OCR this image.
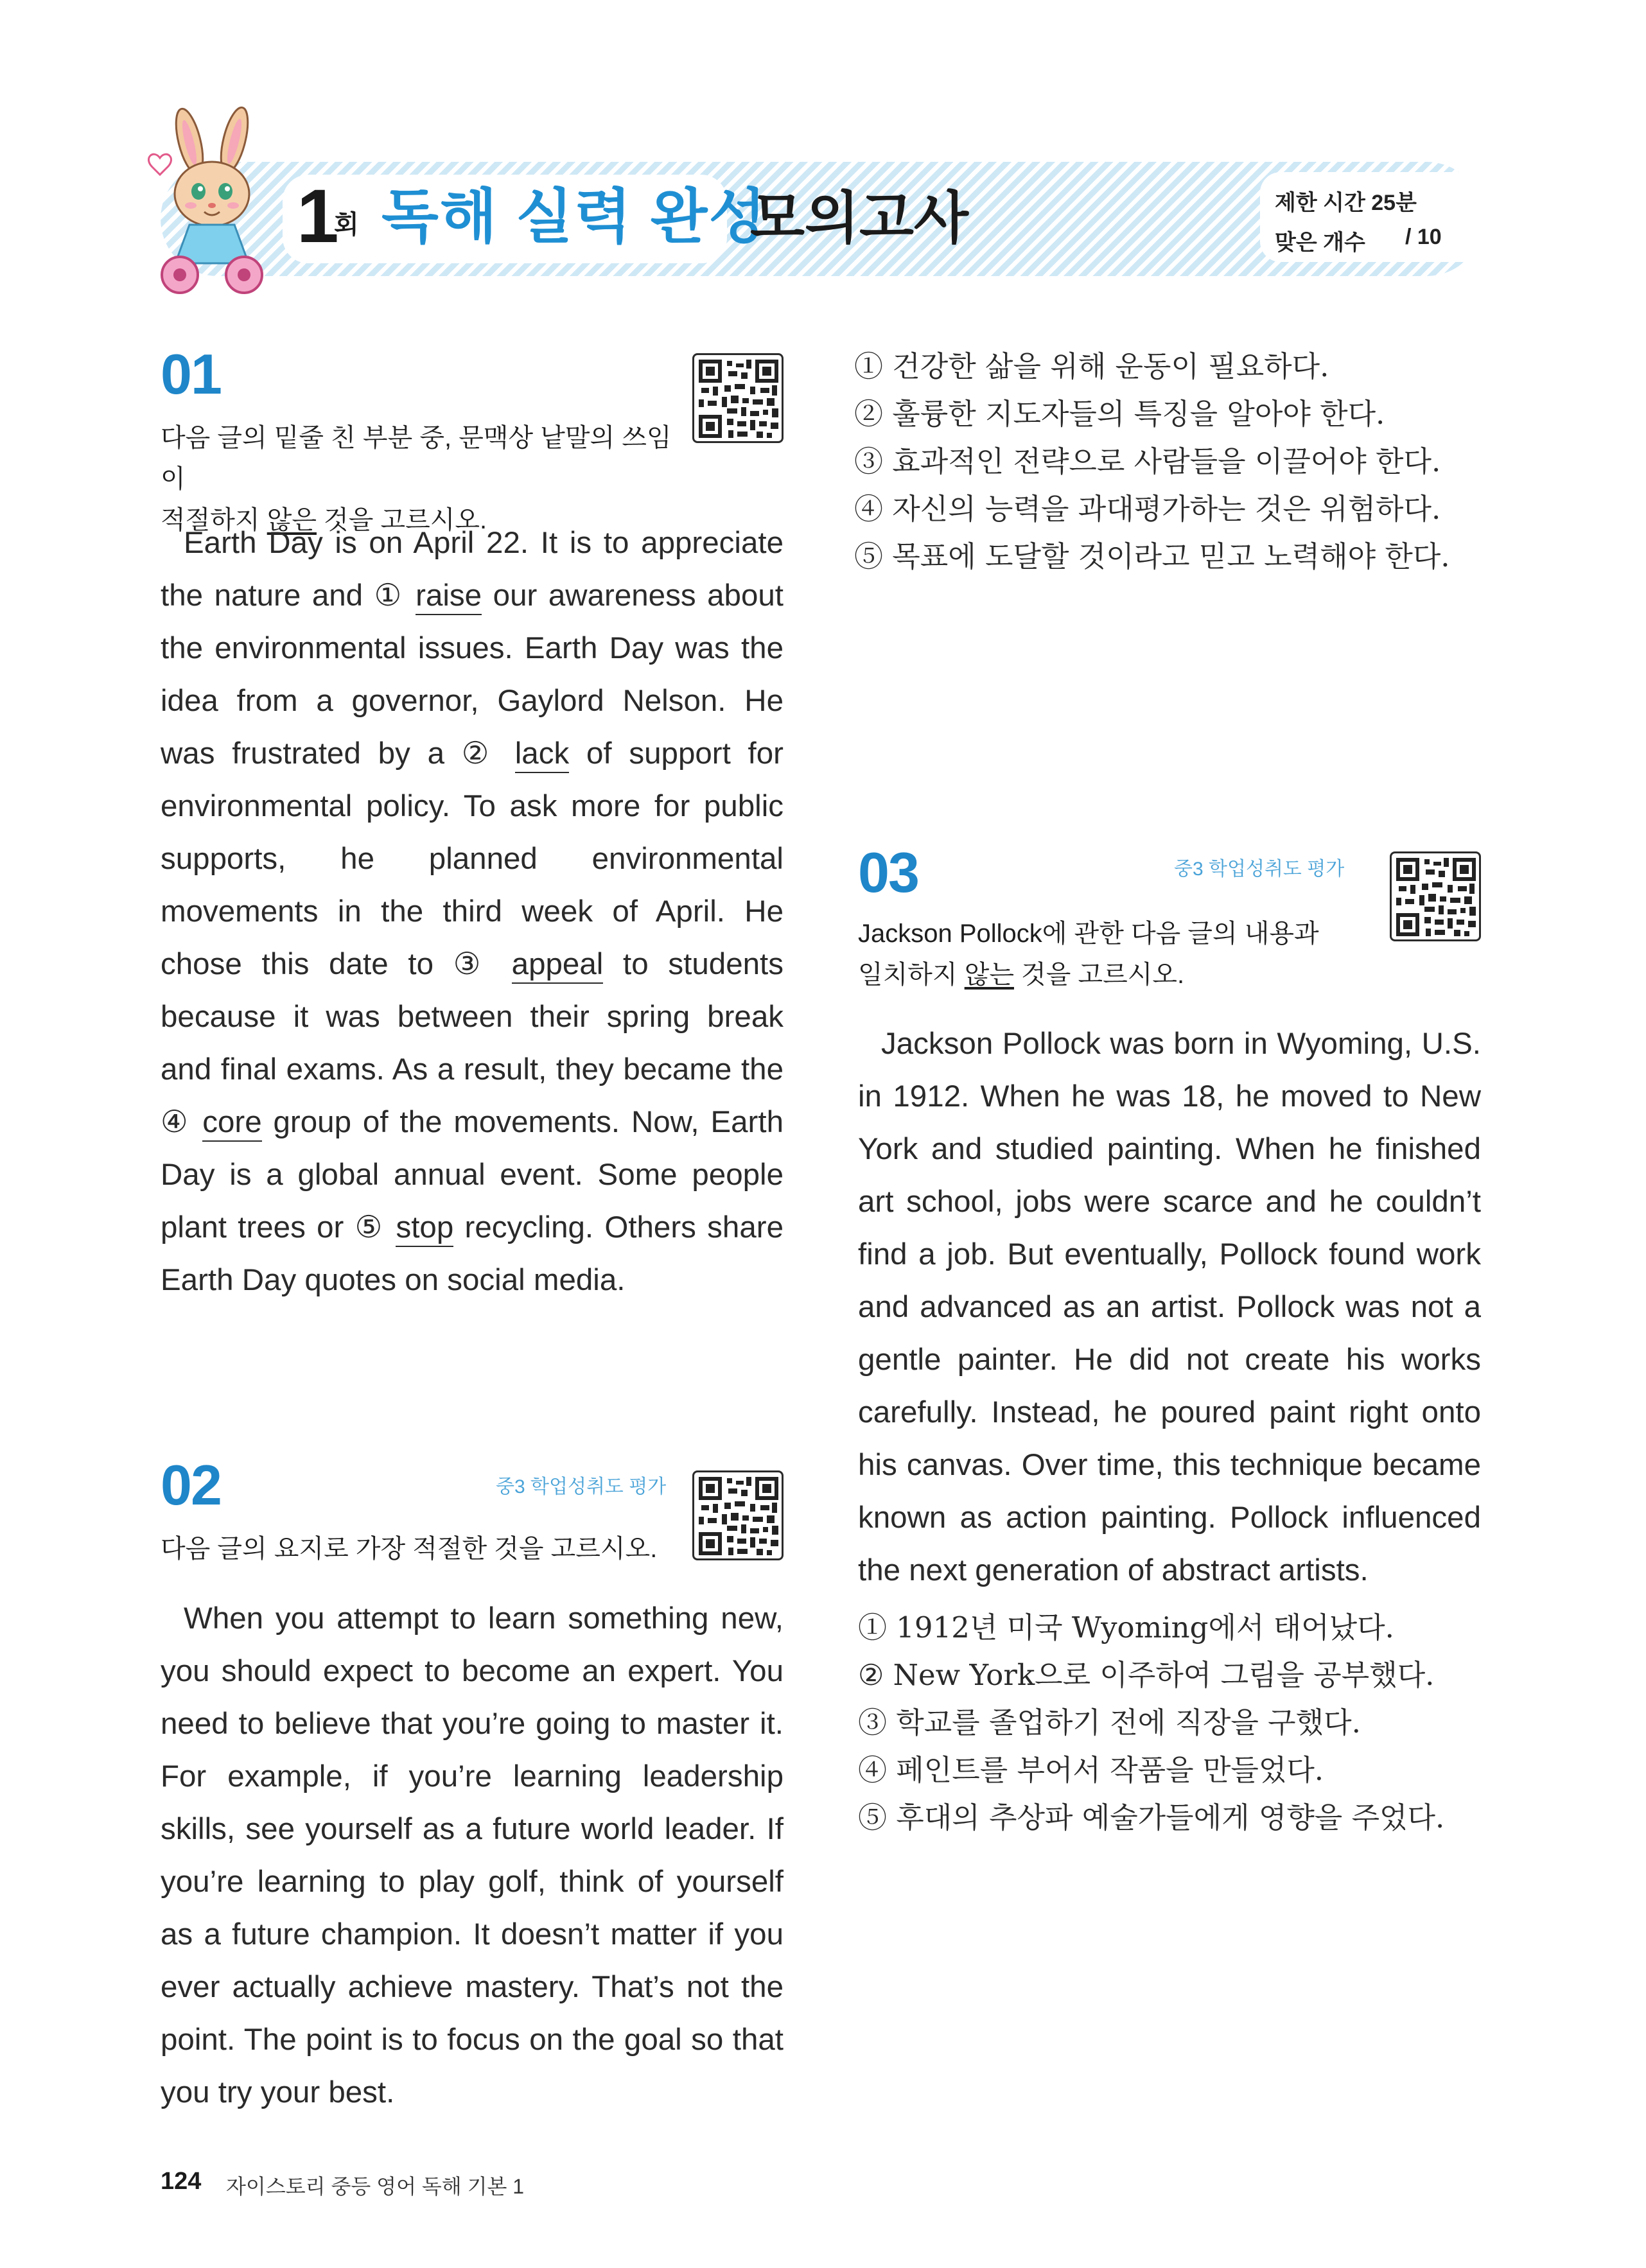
1
회 독해 실력 완성
모의고사	제한 시간 25분
맞은 개수 / 10
01
다음 글의 밑줄 친 부분 중, 문맥상 낱말의 쓰임이
적절하지 않은 것을 고르시오.
Earth Day is on April 22. It is to appreciate the nature and ① raise our awareness about the environmental issues. Earth Day was the idea from a governor, Gaylord Nelson. He was frustrated by a ② lack of support for environmental policy. To ask more for public supports, he planned environmental movements in the third week of April. He chose this date to ③ appeal to students because it was between their spring break and final exams. As a result, they became the ④ core group of the movements. Now, Earth Day is a global annual event. Some people plant trees or ⑤ stop recycling. Others share Earth Day quotes on social media.
02	중3 학업성취도 평가
다음 글의 요지로 가장 적절한 것을 고르시오.
When you attempt to learn something new, you should expect to become an expert. You need to believe that you’re going to master it. For example, if you’re learning leadership skills, see yourself as a future world leader. If you’re learning to play golf, think of yourself as a future champion. It doesn’t matter if you ever actually achieve mastery. That’s not the point. The point is to focus on the goal so that you try your best.
① 건강한 삶을 위해 운동이 필요하다.
② 훌륭한 지도자들의 특징을 알아야 한다.
③ 효과적인 전략으로 사람들을 이끌어야 한다.
④ 자신의 능력을 과대평가하는 것은 위험하다.
⑤ 목표에 도달할 것이라고 믿고 노력해야 한다.
03	중3 학업성취도 평가
Jackson Pollock에 관한 다음 글의 내용과
일치하지 않는 것을 고르시오.
Jackson Pollock was born in Wyoming, U.S. in 1912. When he was 18, he moved to New York and studied painting. When he finished art school, jobs were scarce and he couldn’t find a job. But eventually, Pollock found work and advanced as an artist. Pollock was not a gentle painter. He did not create his works carefully. Instead, he poured paint right onto his canvas. Over time, this technique became known as action painting. Pollock influenced the next generation of abstract artists.
① 1912년 미국 Wyoming에서 태어났다.
② New York으로 이주하여 그림을 공부했다.
③ 학교를 졸업하기 전에 직장을 구했다.
④ 페인트를 부어서 작품을 만들었다.
⑤ 후대의 추상파 예술가들에게 영향을 주었다.
124 자이스토리 중등 영어 독해 기본 1
